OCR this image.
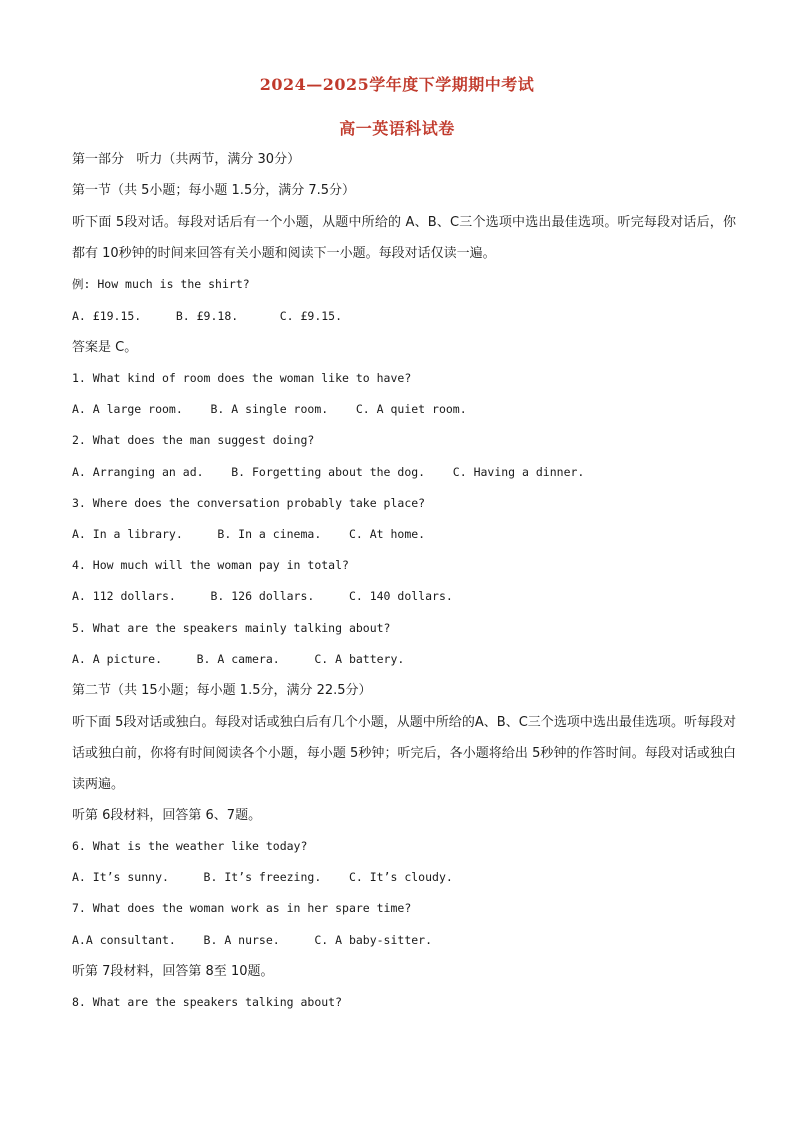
2024—2025学年度下学期期中考试
高一英语科试卷
第一部分   听力（共两节，满分 30分）
第一节（共 5小题；每小题 1.5分，满分 7.5分）
听下面 5段对话。每段对话后有一个小题，从题中所给的 A、B、C三个选项中选出最佳选项。听完每段对话后，你都有 10秒钟的时间来回答有关小题和阅读下一小题。每段对话仅读一遍。
例: How much is the shirt?
A. £19.15.     B. £9.18.      C. £9.15.
答案是 C。
1. What kind of room does the woman like to have?
A. A large room.    B. A single room.    C. A quiet room.
2. What does the man suggest doing?
A. Arranging an ad.    B. Forgetting about the dog.    C. Having a dinner.
3. Where does the conversation probably take place?
A. In a library.     B. In a cinema.    C. At home.
4. How much will the woman pay in total?
A. 112 dollars.     B. 126 dollars.     C. 140 dollars.
5. What are the speakers mainly talking about?
A. A picture.     B. A camera.     C. A battery.
第二节（共 15小题；每小题 1.5分，满分 22.5分）
听下面 5段对话或独白。每段对话或独白后有几个小题，从题中所给的A、B、C三个选项中选出最佳选项。听每段对话或独白前，你将有时间阅读各个小题，每小题 5秒钟；听完后，各小题将给出 5秒钟的作答时间。每段对话或独白读两遍。
听第 6段材料，回答第 6、7题。
6. What is the weather like today?
A. It’s sunny.     B. It’s freezing.    C. It’s cloudy.
7. What does the woman work as in her spare time?
A.A consultant.    B. A nurse.     C. A baby-sitter.
听第 7段材料，回答第 8至 10题。
8. What are the speakers talking about?
